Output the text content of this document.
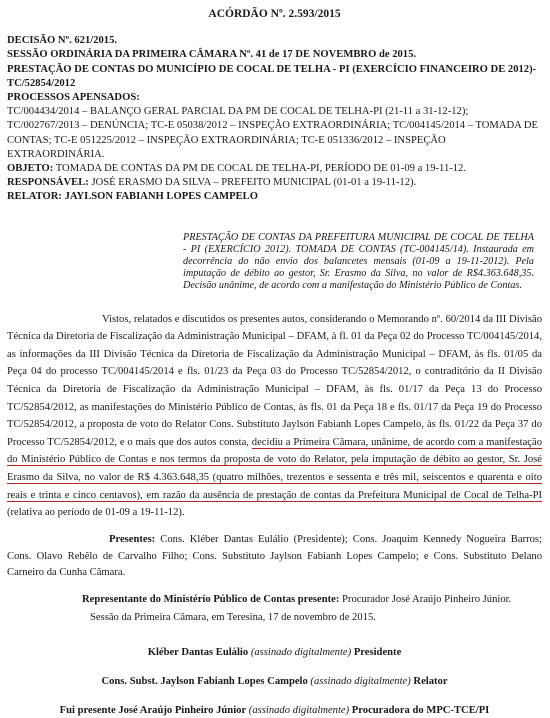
ACÓRDÃO Nº. 2.593/2015

DECISÃO Nº. 621/2015.

SESSÃO ORDINÁRIA DA PRIMEIRA CÂMARA Nº. 41 de 17 DE NOVEMBRO de 2015.

PRESTAÇÃO DE CONTAS DO MUNICÍPIO DE COCAL DE TELHA - PI (EXERCÍCIO FINANCEIRO DE 2012)- TC/52854/2012

PROCESSOS APENSADOS:

TC/004434/2014 – BALANÇO GERAL PARCIAL DA PM DE COCAL DE TELHA-PI (21-11 a 31-12-12); TC/002767/2013 – DENÚNCIA; TC-E 05038/2012 – INSPEÇÃO EXTRAORDINÁRIA; TC/004145/2014 – TOMADA DE CONTAS; TC-E 051225/2012 – INSPEÇÃO EXTRAORDINÁRIA; TC-E 051336/2012 – INSPEÇÃO EXTRAORDINÁRIA.

OBJETO: TOMADA DE CONTAS DA PM DE COCAL DE TELHA-PI, PERÍODO DE 01-09 a 19-11-12.

RESPONSÁVEL: JOSÉ ERASMO DA SILVA – PREFEITO MUNICIPAL (01-01 a 19-11-12).

RELATOR: JAYLSON FABIANH LOPES CAMPELO

PRESTAÇÃO DE CONTAS DA PREFEITURA MUNICIPAL DE COCAL DE TELHA - PI (EXERCÍCIO 2012). TOMADA DE CONTAS (TC-004145/14). Instaurada em decorrência do não envio dos balancetes mensais (01-09 a 19-11-2012). Pela imputação de débito ao gestor, Sr. Erasmo da Silva, no valor de R$4.363.648,35. Decisão unânime, de acordo com a manifestação do Ministério Público de Contas.

Vistos, relatados e discutidos os presentes autos, considerando o Memorando nº. 60/2014 da III Divisão Técnica da Diretoria de Fiscalização da Administração Municipal – DFAM, à fl. 01 da Peça 02 do Processo TC/004145/2014, as informações da III Divisão Técnica da Diretoria de Fiscalização da Administração Municipal – DFAM, às fls. 01/05 da Peça 04 do processo TC/004145/2014 e fls. 01/23 da Peça 03 do Processo TC/52854/2012, o contraditório da II Divisão Técnica da Diretoria de Fiscalização da Administração Municipal – DFAM, às fls. 01/17 da Peça 13 do Processo TC/52854/2012, as manifestações do Ministério Público de Contas, às fls. 01 da Peça 18 e fls. 01/17 da Peça 19 do Processo TC/52854/2012, a proposta de voto do Relator Cons. Substituto Jaylson Fabianh Lopes Campelo, às fls. 01/22 da Peça 37 do Processo TC/52854/2012, e o mais que dos autos consta, decidiu a Primeira Câmara, unânime, de acordo com a manifestação do Ministério Público de Contas e nos termos da proposta de voto do Relator, pela imputação de débito ao gestor, Sr. José Erasmo da Silva, no valor de R$ 4.363.648,35 (quatro milhões, trezentos e sessenta e três mil, seiscentos e quarenta e oito reais e trinta e cinco centavos), em razão da ausência de prestação de contas da Prefeitura Municipal de Cocal de Telha-PI (relativa ao período de 01-09 a 19-11-12).

Presentes: Cons. Kléber Dantas Eulálio (Presidente); Cons. Joaquim Kennedy Nogueira Barros; Cons. Olavo Rebêlo de Carvalho Filho; Cons. Substituto Jaylson Fabianh Lopes Campelo; e Cons. Substituto Delano Carneiro da Cunha Câmara.

Representante do Ministério Público de Contas presente: Procurador José Araújo Pinheiro Júnior.

Sessão da Primeira Câmara, em Teresina, 17 de novembro de 2015.

Kléber Dantas Eulálio (assinado digitalmente) Presidente

Cons. Subst. Jaylson Fabianh Lopes Campelo (assinado digitalmente) Relator

Fui presente José Araújo Pinheiro Júnior (assinado digitalmente) Procuradora do MPC-TCE/PI
